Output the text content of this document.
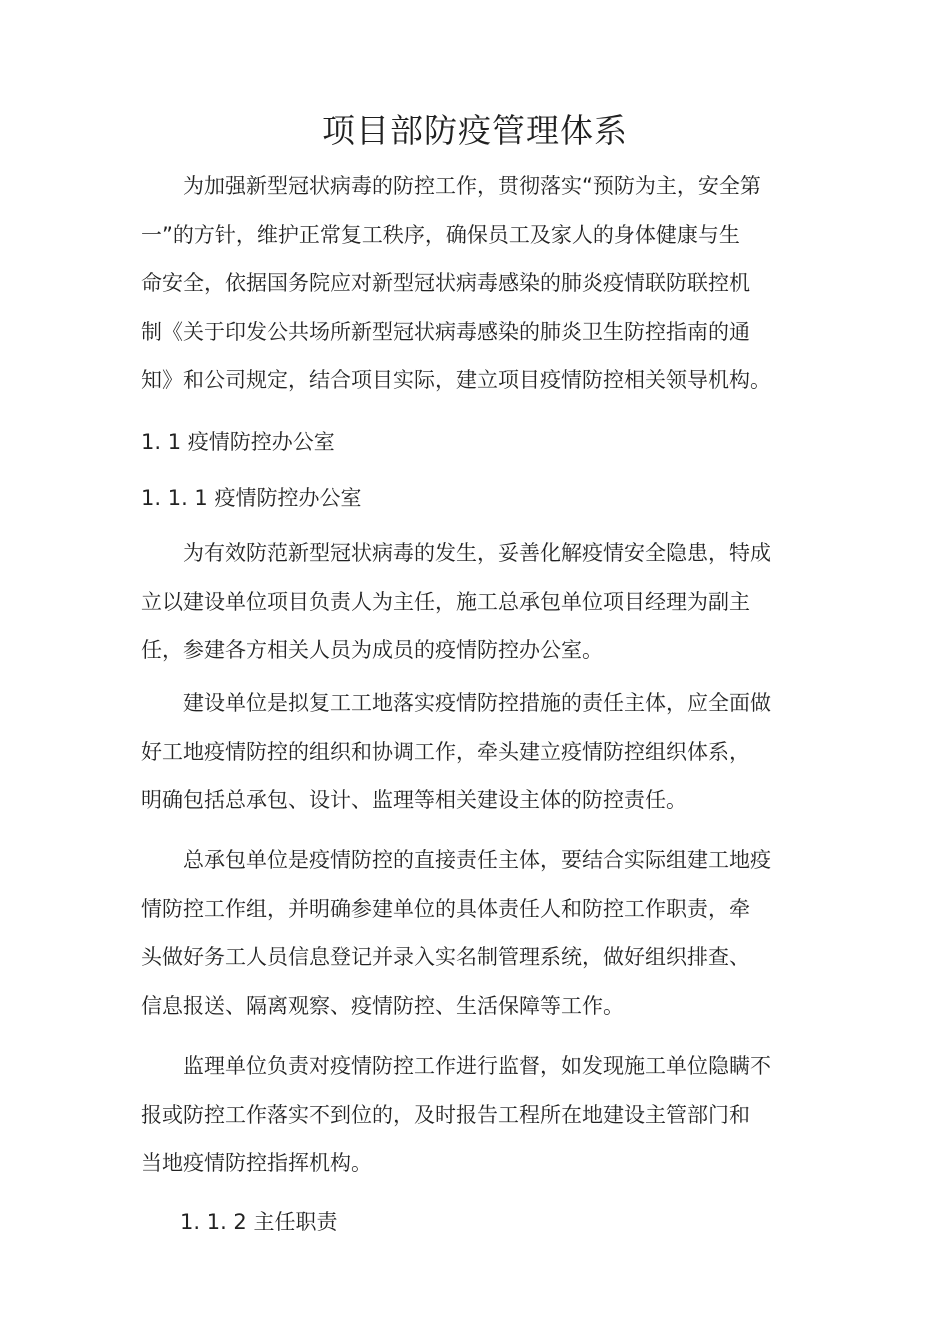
项目部防疫管理体系
为加强新型冠状病毒的防控工作，贯彻落实“预防为主，安全第
一”的方针，维护正常复工秩序，确保员工及家人的身体健康与生
命安全，依据国务院应对新型冠状病毒感染的肺炎疫情联防联控机
制《关于印发公共场所新型冠状病毒感染的肺炎卫生防控指南的通
知》和公司规定，结合项目实际，建立项目疫情防控相关领导机构。
1. 1 疫情防控办公室
1. 1. 1 疫情防控办公室
为有效防范新型冠状病毒的发生，妥善化解疫情安全隐患，特成
立以建设单位项目负责人为主任，施工总承包单位项目经理为副主
任，参建各方相关人员为成员的疫情防控办公室。
建设单位是拟复工工地落实疫情防控措施的责任主体，应全面做
好工地疫情防控的组织和协调工作，牵头建立疫情防控组织体系，
明确包括总承包、设计、监理等相关建设主体的防控责任。
总承包单位是疫情防控的直接责任主体，要结合实际组建工地疫
情防控工作组，并明确参建单位的具体责任人和防控工作职责，牵
头做好务工人员信息登记并录入实名制管理系统，做好组织排查、
信息报送、隔离观察、疫情防控、生活保障等工作。
监理单位负责对疫情防控工作进行监督，如发现施工单位隐瞒不
报或防控工作落实不到位的，及时报告工程所在地建设主管部门和
当地疫情防控指挥机构。
1. 1. 2 主任职责
